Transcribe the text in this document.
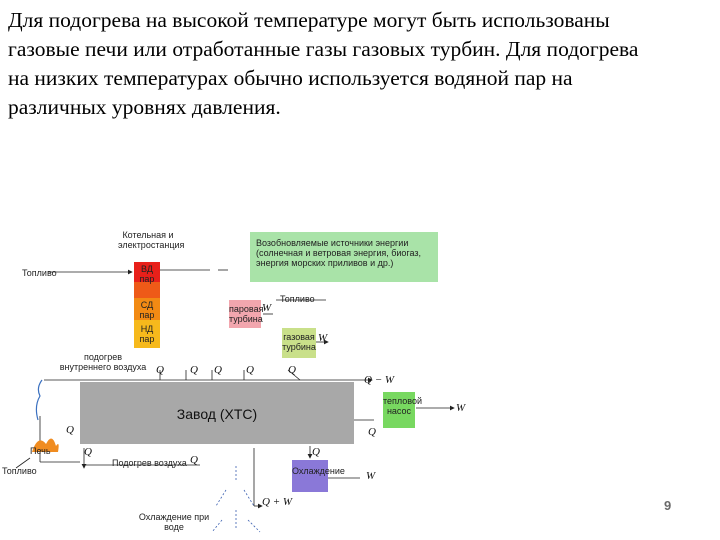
Для подогрева на высокой температуре могут быть использованы

газовые печи или отработанные газы газовых турбин. Для подогрева

на низких температурах обычно используется водяной пар на

различных уровнях давления.

Котельная и электростанция
Топливо	ВД пар
СД пар
НД пар
Возобновляемые источники энергии (солнечная и ветровая энергия, биогаз, энергия морских приливов и др.)
паровая турбина
Топливо
газовая турбина
подогрев внутреннего воздуха
Завод (ХТС)
тепловой насос
Печь
Топливо
Подогрев воздуха
Охлаждение
Охлаждение при воде
W
W
Q Q Q Q	Q
Q − W
W
Q
Q
Q
Q
Q
W
Q + W	9
